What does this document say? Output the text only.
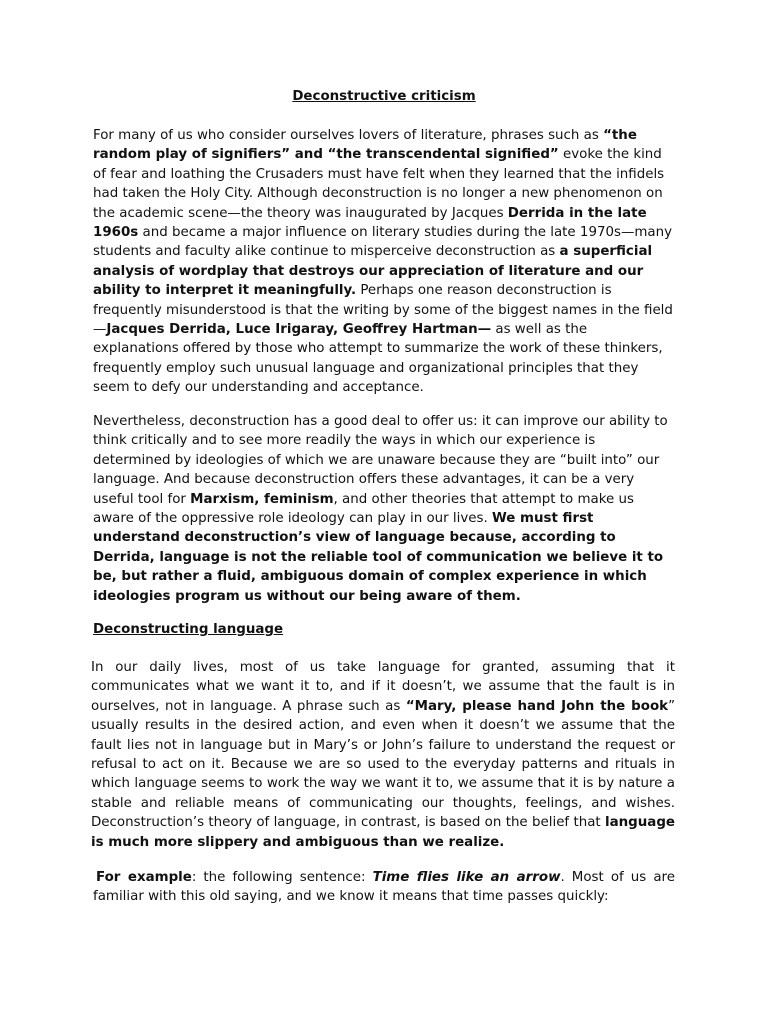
Deconstructive criticism

For many of us who consider ourselves lovers of literature, phrases such as “the random play of signifiers” and “the transcendental signified” evoke the kind of fear and loathing the Crusaders must have felt when they learned that the infidels had taken the Holy City. Although deconstruction is no longer a new phenomenon on the academic scene—the theory was inaugurated by Jacques Derrida in the late 1960s and became a major influence on literary studies during the late 1970s—many students and faculty alike continue to misperceive deconstruction as a superficial analysis of wordplay that destroys our appreciation of literature and our ability to interpret it meaningfully. Perhaps one reason deconstruction is frequently misunderstood is that the writing by some of the biggest names in the field—Jacques Derrida, Luce Irigaray, Geoffrey Hartman— as well as the explanations offered by those who attempt to summarize the work of these thinkers, frequently employ such unusual language and organizational principles that they seem to defy our understanding and acceptance.

Nevertheless, deconstruction has a good deal to offer us: it can improve our ability to think critically and to see more readily the ways in which our experience is determined by ideologies of which we are unaware because they are “built into” our language. And because deconstruction offers these advantages, it can be a very useful tool for Marxism, feminism, and other theories that attempt to make us aware of the oppressive role ideology can play in our lives. We must first understand deconstruction’s view of language because, according to Derrida, language is not the reliable tool of communication we believe it to be, but rather a fluid, ambiguous domain of complex experience in which ideologies program us without our being aware of them.

Deconstructing language

In our daily lives, most of us take language for granted, assuming that it communicates what we want it to, and if it doesn’t, we assume that the fault is in ourselves, not in language. A phrase such as “Mary, please hand John the book” usually results in the desired action, and even when it doesn’t we assume that the fault lies not in language but in Mary’s or John’s failure to understand the request or refusal to act on it. Because we are so used to the everyday patterns and rituals in which language seems to work the way we want it to, we assume that it is by nature a stable and reliable means of communicating our thoughts, feelings, and wishes. Deconstruction’s theory of language, in contrast, is based on the belief that language is much more slippery and ambiguous than we realize.

For example: the following sentence: Time flies like an arrow. Most of us are familiar with this old saying, and we know it means that time passes quickly:
